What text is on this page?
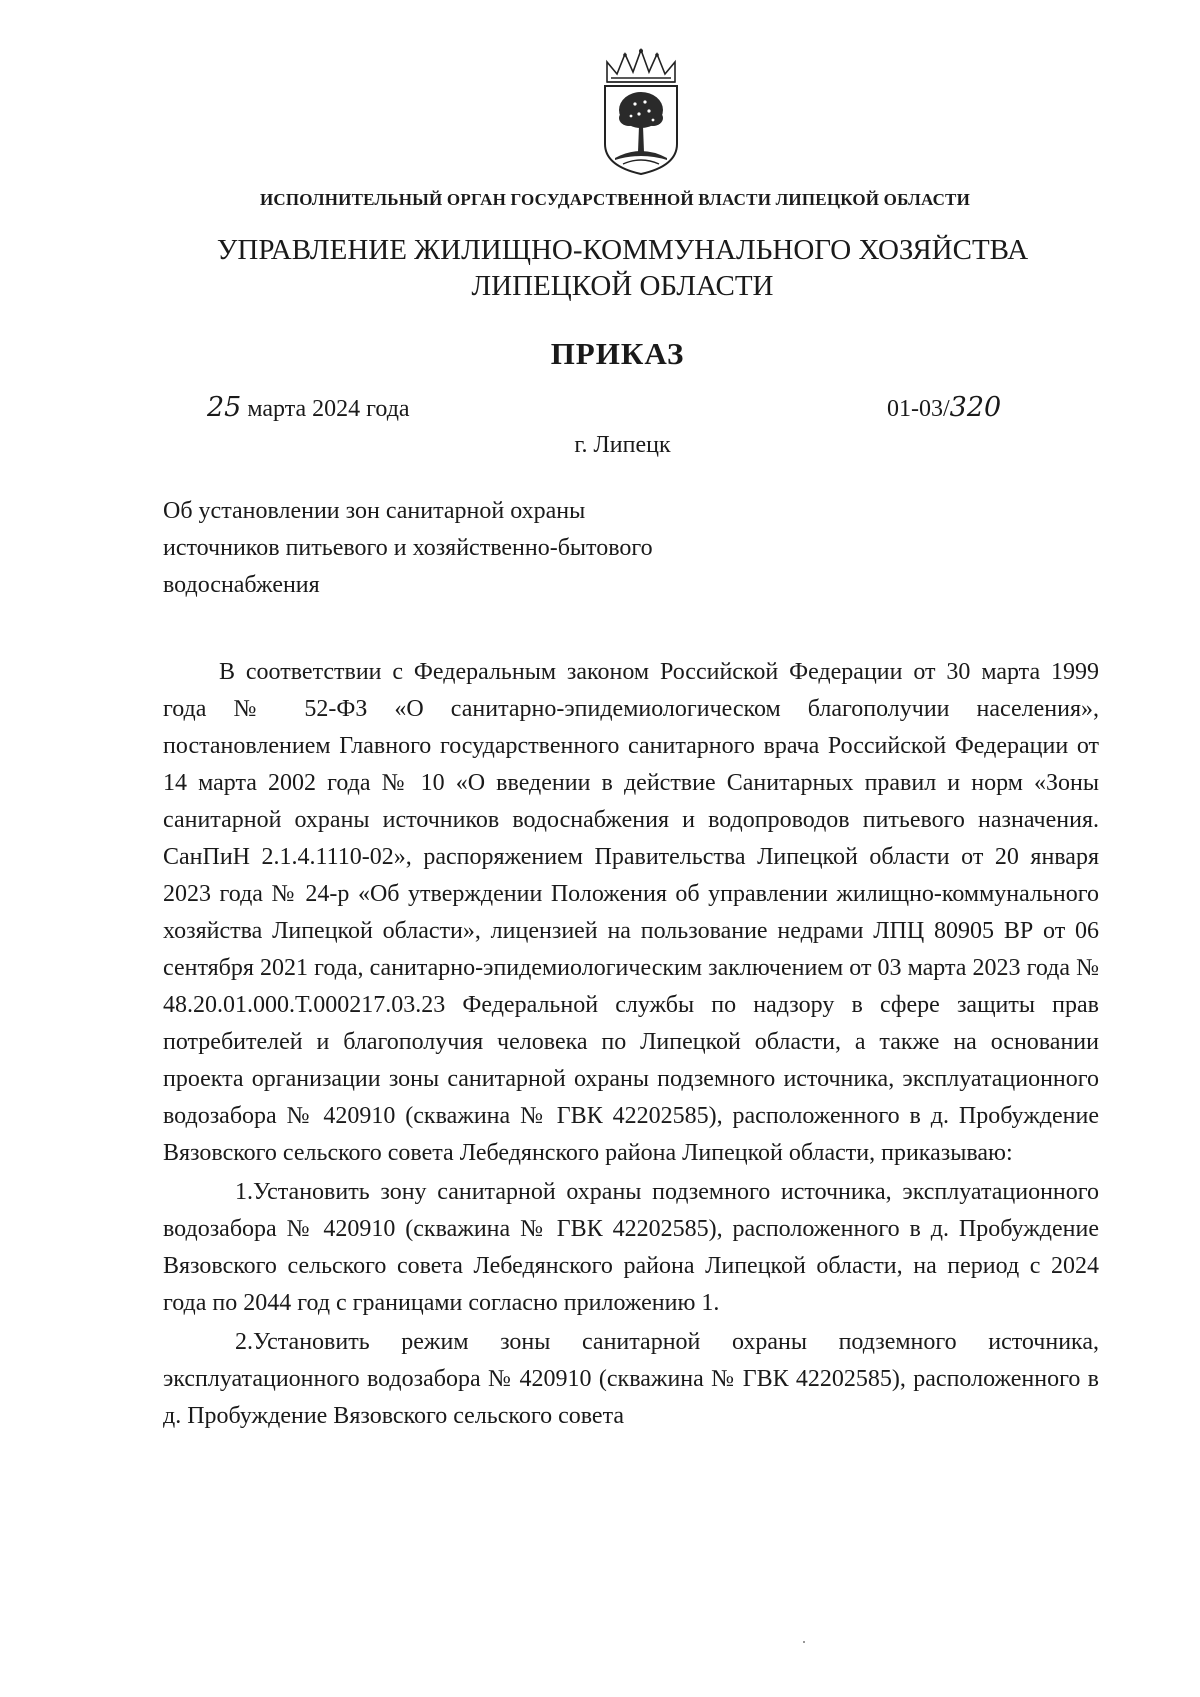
ИСПОЛНИТЕЛЬНЫЙ ОРГАН ГОСУДАРСТВЕННОЙ ВЛАСТИ ЛИПЕЦКОЙ ОБЛАСТИ
УПРАВЛЕНИЕ ЖИЛИЩНО-КОММУНАЛЬНОГО ХОЗЯЙСТВА
ЛИПЕЦКОЙ ОБЛАСТИ
ПРИКАЗ
25 марта 2024 года	01-03/320
г. Липецк
Об установлении зон санитарной охраны
источников питьевого и хозяйственно-бытового
водоснабжения

В соответствии с Федеральным законом Российской Федерации от 30 марта 1999 года № 52-ФЗ «О санитарно-эпидемиологическом благополучии населения», постановлением Главного государственного санитарного врача Российской Федерации от 14 марта 2002 года № 10 «О введении в действие Санитарных правил и норм «Зоны санитарной охраны источников водоснабжения и водопроводов питьевого назначения. СанПиН 2.1.4.1110-02», распоряжением Правительства Липецкой области от 20 января 2023 года № 24-р «Об утверждении Положения об управлении жилищно-коммунального хозяйства Липецкой области», лицензией на пользование недрами ЛПЦ 80905 ВР от 06 сентября 2021 года, санитарно-эпидемиологическим заключением от 03 марта 2023 года № 48.20.01.000.Т.000217.03.23 Федеральной службы по надзору в сфере защиты прав потребителей и благополучия человека по Липецкой области, а также на основании проекта организации зоны санитарной охраны подземного источника, эксплуатационного водозабора № 420910 (скважина № ГВК 42202585), расположенного в д. Пробуждение Вязовского сельского совета Лебедянского района Липецкой области, приказываю:

1.Установить зону санитарной охраны подземного источника, эксплуатационного водозабора № 420910 (скважина № ГВК 42202585), расположенного в д. Пробуждение Вязовского сельского совета Лебедянского района Липецкой области, на период с 2024 года по 2044 год с границами согласно приложению 1.

2.Установить режим зоны санитарной охраны подземного источника, эксплуатационного водозабора № 420910 (скважина № ГВК 42202585), расположенного в д. Пробуждение Вязовского сельского совета
